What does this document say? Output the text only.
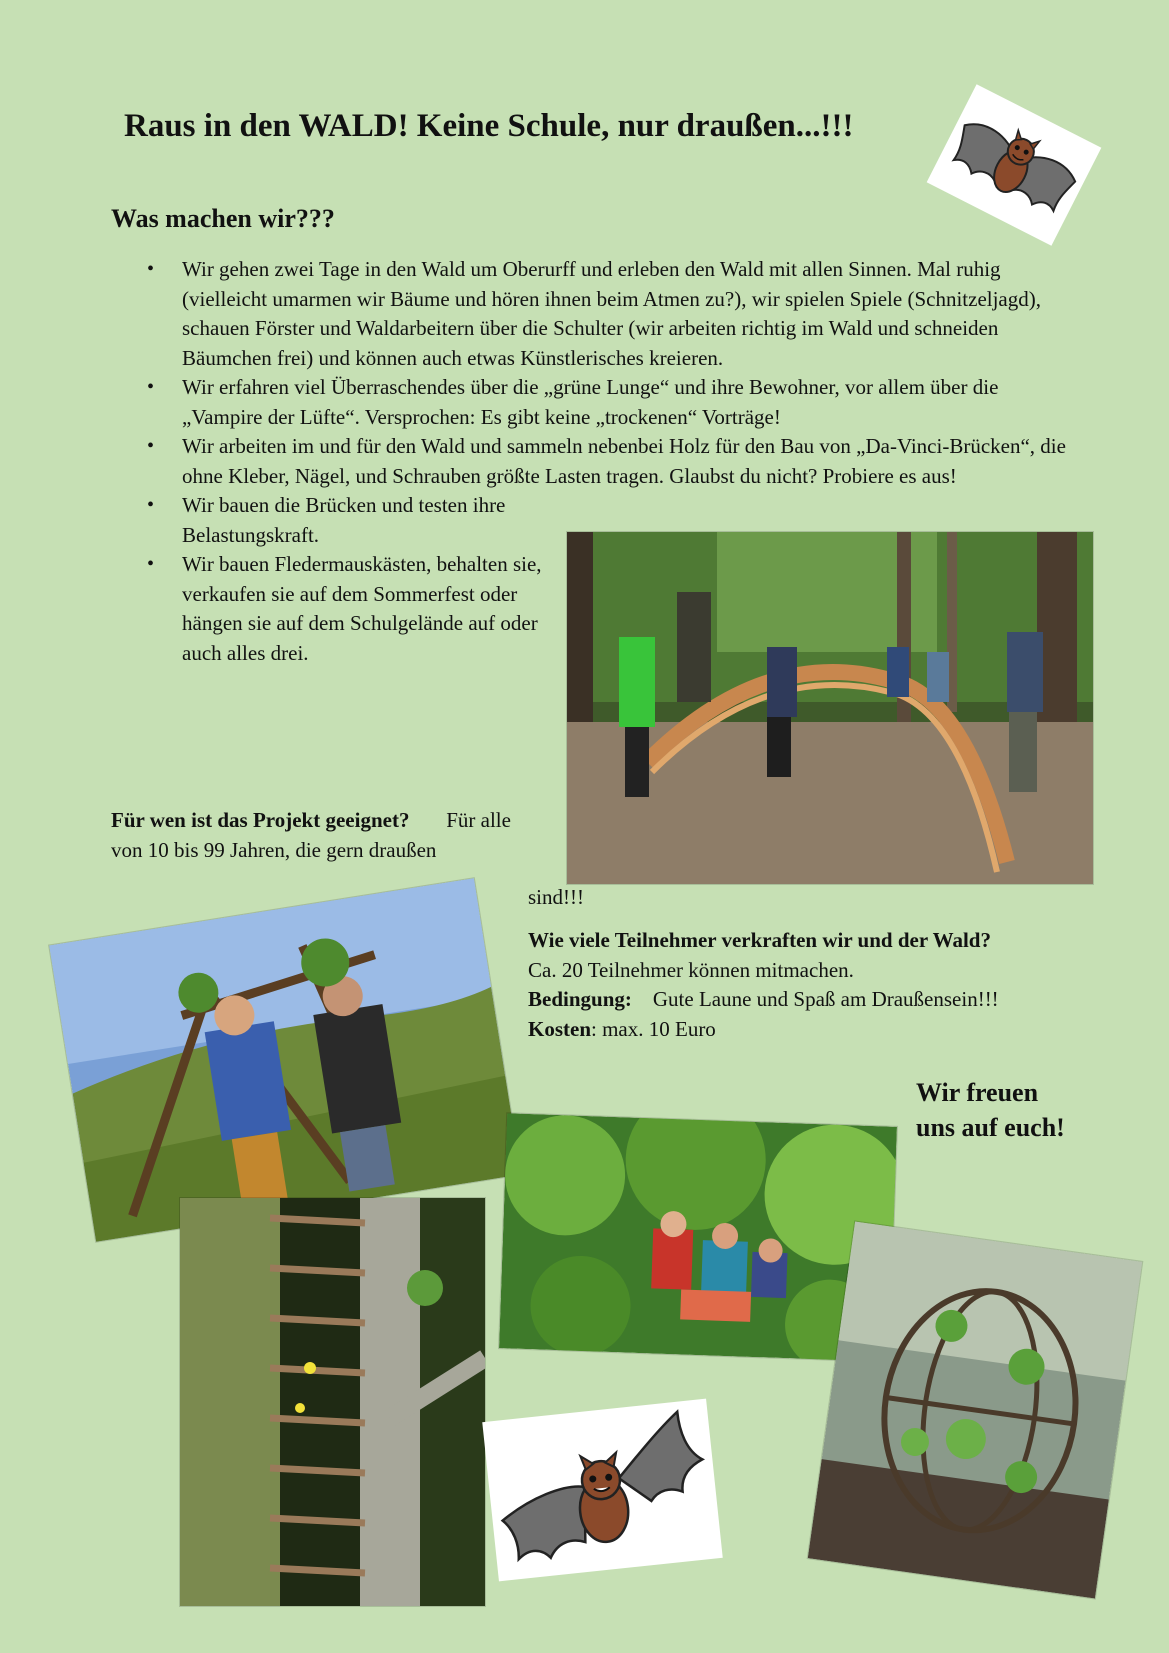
Raus in den WALD! Keine Schule, nur draußen...!!!
Was machen wir???
• Wir gehen zwei Tage in den Wald um Oberurff und erleben den Wald mit allen Sinnen. Mal ruhig (vielleicht umarmen wir Bäume und hören ihnen beim Atmen zu?), wir spielen Spiele (Schnitzeljagd), schauen Förster und Waldarbeitern über die Schulter (wir arbeiten richtig im Wald und schneiden Bäumchen frei) und können auch etwas Künstlerisches kreieren.
• Wir erfahren viel Überraschendes über die „grüne Lunge“ und ihre Bewohner, vor allem über die „Vampire der Lüfte“. Versprochen: Es gibt keine „trockenen“ Vorträge!
• Wir arbeiten im und für den Wald und sammeln nebenbei Holz für den Bau von „Da-Vinci-Brücken“, die ohne Kleber, Nägel, und Schrauben größte Lasten tragen. Glaubst du nicht? Probiere es aus!
• Wir bauen die Brücken und testen ihre Belastungskraft.
• Wir bauen Fledermauskästen, behalten sie, verkaufen sie auf dem Sommerfest oder hängen sie auf dem Schulgelände auf oder auch alles drei.
Für wen ist das Projekt geeignet? Für alle von 10 bis 99 Jahren, die gern draußen
sind!!!
Wie viele Teilnehmer verkraften wir und der Wald?
Ca. 20 Teilnehmer können mitmachen.
Bedingung: Gute Laune und Spaß am Draußensein!!!
Kosten: max. 10 Euro
Wir freuen
uns auf euch!
